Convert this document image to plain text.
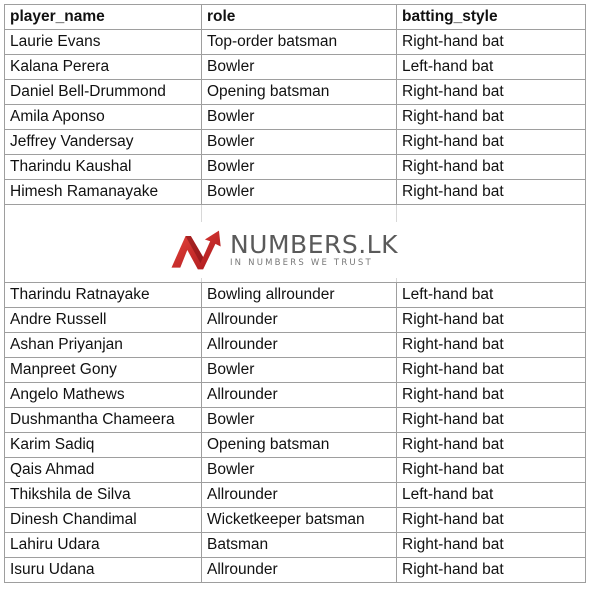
player_name	role	batting_style
Laurie Evans	Top-order batsman	Right-hand bat
Kalana Perera	Bowler	Left-hand bat
Daniel Bell-Drummond	Opening batsman	Right-hand bat
Amila Aponso	Bowler	Right-hand bat
Jeffrey Vandersay	Bowler	Right-hand bat
Tharindu Kaushal	Bowler	Right-hand bat
Himesh Ramanayake	Bowler	Right-hand bat

Tharindu Ratnayake	Bowling allrounder	Left-hand bat
Andre Russell	Allrounder	Right-hand bat
Ashan Priyanjan	Allrounder	Right-hand bat
Manpreet Gony	Bowler	Right-hand bat
Angelo Mathews	Allrounder	Right-hand bat
Dushmantha Chameera	Bowler	Right-hand bat
Karim Sadiq	Opening batsman	Right-hand bat
Qais Ahmad	Bowler	Right-hand bat
Thikshila de Silva	Allrounder	Left-hand bat
Dinesh Chandimal	Wicketkeeper batsman	Right-hand bat
Lahiru Udara	Batsman	Right-hand bat
Isuru Udana	Allrounder	Right-hand bat
NUMBERS.LK
IN NUMBERS WE TRUST
